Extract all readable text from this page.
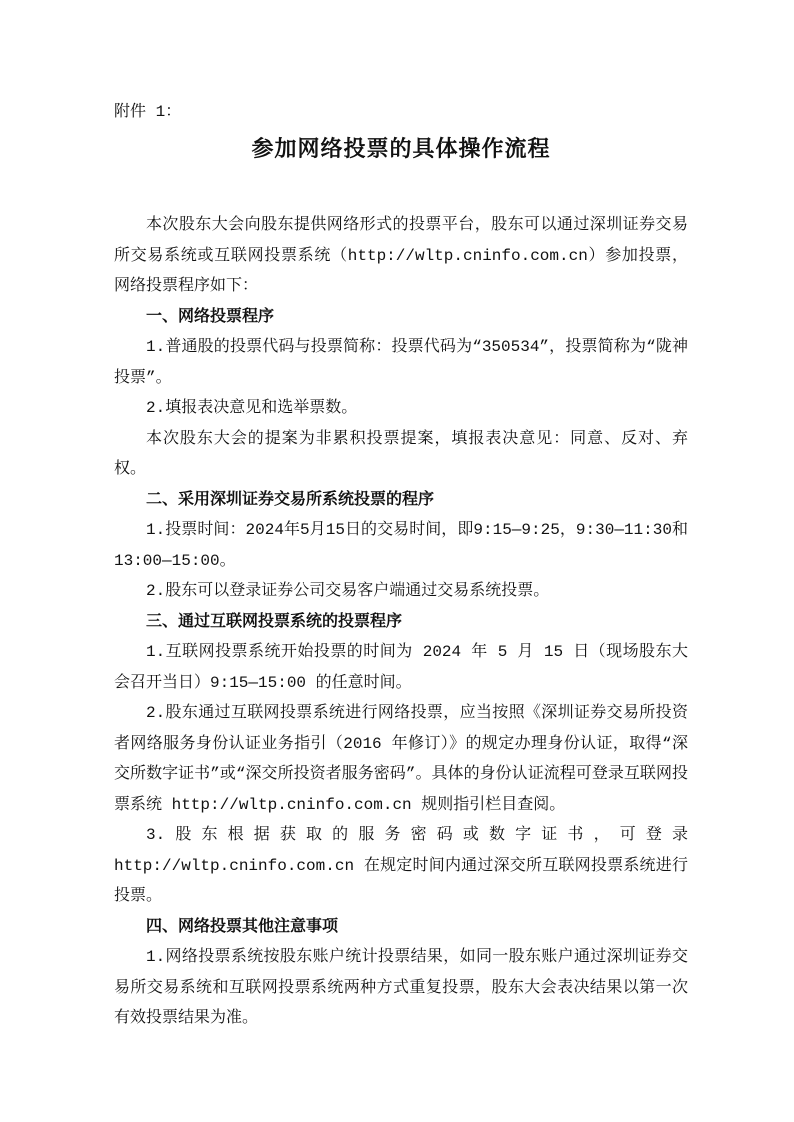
附件 1：

参加网络投票的具体操作流程

本次股东大会向股东提供网络形式的投票平台，股东可以通过深圳证券交易所交易系统或互联网投票系统（http://wltp.cninfo.com.cn）参加投票，网络投票程序如下：

一、网络投票程序

1.普通股的投票代码与投票简称：投票代码为“350534”，投票简称为“陇神投票”。

2.填报表决意见和选举票数。

本次股东大会的提案为非累积投票提案，填报表决意见：同意、反对、弃权。

二、采用深圳证券交易所系统投票的程序

1.投票时间：2024年5月15日的交易时间，即9:15—9:25，9:30—11:30和13:00—15:00。

2.股东可以登录证券公司交易客户端通过交易系统投票。

三、通过互联网投票系统的投票程序

1.互联网投票系统开始投票的时间为 2024 年 5 月 15 日（现场股东大会召开当日）9:15—15:00 的任意时间。

2.股东通过互联网投票系统进行网络投票，应当按照《深圳证券交易所投资者网络服务身份认证业务指引（2016 年修订）》的规定办理身份认证，取得“深交所数字证书”或“深交所投资者服务密码”。具体的身份认证流程可登录互联网投票系统 http://wltp.cninfo.com.cn 规则指引栏目查阅。

3.股东根据获取的服务密码或数字证书，可登录 http://wltp.cninfo.com.cn 在规定时间内通过深交所互联网投票系统进行投票。

四、网络投票其他注意事项

1.网络投票系统按股东账户统计投票结果，如同一股东账户通过深圳证券交易所交易系统和互联网投票系统两种方式重复投票，股东大会表决结果以第一次有效投票结果为准。
